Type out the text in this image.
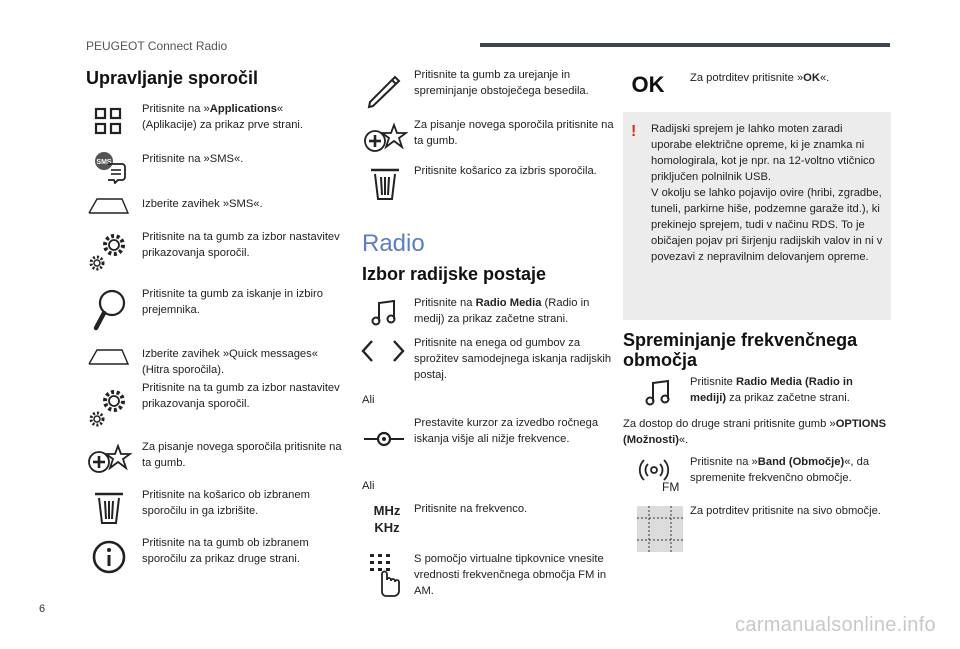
PEUGEOT Connect Radio
Upravljanje sporočil
Pritisnite na »Applications«
(Aplikacije) za prikaz prve strani.
SMS	Pritisnite na »SMS«.
Izberite zavihek »SMS«.
Pritisnite na ta gumb za izbor nastavitev prikazovanja sporočil.
Pritisnite ta gumb za iskanje in izbiro prejemnika.
Izberite zavihek »Quick messages« (Hitra sporočila).
Pritisnite na ta gumb za izbor nastavitev prikazovanja sporočil.
Za pisanje novega sporočila pritisnite na ta gumb.
Pritisnite na košarico ob izbranem sporočilu in ga izbrišite.
Pritisnite na ta gumb ob izbranem sporočilu za prikaz druge strani.
Pritisnite ta gumb za urejanje in spreminjanje obstoječega besedila.
Za pisanje novega sporočila pritisnite na ta gumb.
Pritisnite košarico za izbris sporočila.
Radio
Izbor radijske postaje
Pritisnite na Radio Media (Radio in medij) za prikaz začetne strani.
Pritisnite na enega od gumbov za sprožitev samodejnega iskanja radijskih postaj.
Ali
Prestavite kurzor za izvedbo ročnega iskanja višje ali nižje frekvence.
Ali
MHz
KHz
Pritisnite na frekvenco.
S pomočjo virtualne tipkovnice vnesite vrednosti frekvenčnega območja FM in AM.
OK	Za potrditev pritisnite »OK«.
! Radijski sprejem je lahko moten zaradi uporabe električne opreme, ki je znamka ni homologirala, kot je npr. na 12-voltno vtičnico priključen polnilnik USB.
V okolju se lahko pojavijo ovire (hribi, zgradbe, tuneli, parkirne hiše, podzemne garaže itd.), ki prekinejo sprejem, tudi v načinu RDS. To je običajen pojav pri širjenju radijskih valov in ni v povezavi z nepravilnim delovanjem opreme.
Spreminjanje frekvenčnega
območja
Pritisnite Radio Media (Radio in mediji) za prikaz začetne strani.
Za dostop do druge strani pritisnite gumb »OPTIONS (Možnosti)«.
FM
Pritisnite na »Band (Območje)«, da spremenite frekvenčno območje.
Za potrditev pritisnite na sivo območje.
6
carmanualsonline.info
